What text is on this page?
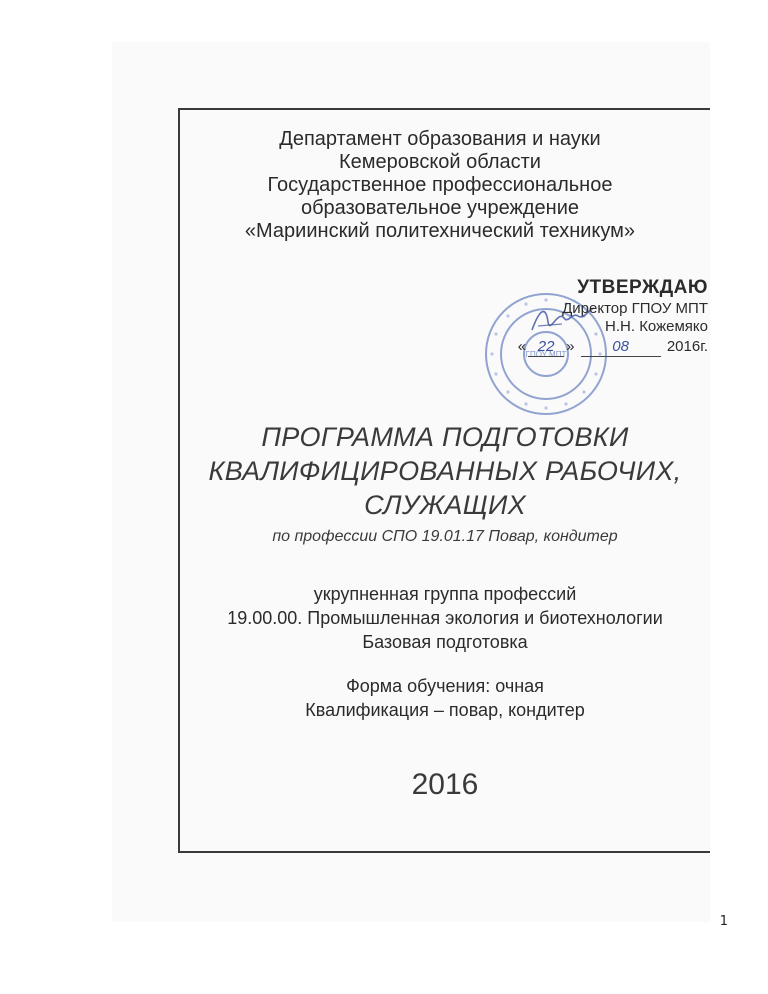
Департамент образования и науки
Кемеровской области
Государственное профессиональное
образовательное учреждение
«Мариинский политехнический техникум»
ГПОУ МПТ
УТВЕРЖДАЮ
Директор ГПОУ МПТ
Н.Н. Кожемяко
« 22 »	08	2016г.
ПРОГРАММА ПОДГОТОВКИ
КВАЛИФИЦИРОВАННЫХ РАБОЧИХ,
СЛУЖАЩИХ
по профессии СПО 19.01.17 Повар, кондитер
укрупненная группа профессий
19.00.00. Промышленная экология и биотехнологии
Базовая подготовка
Форма обучения: очная
Квалификация – повар, кондитер
2016
1
